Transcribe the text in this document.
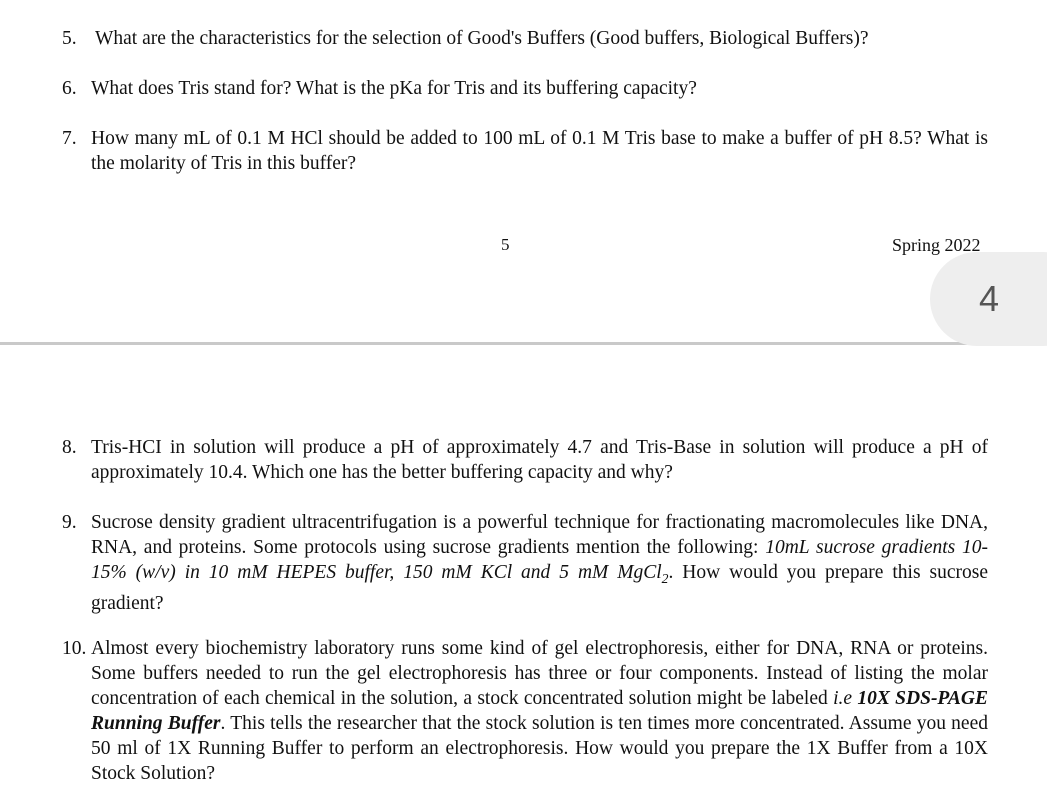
5. What are the characteristics for the selection of Good's Buffers (Good buffers, Biological Buffers)?
6. What does Tris stand for? What is the pKa for Tris and its buffering capacity?
7. How many mL of 0.1 M HCl should be added to 100 mL of 0.1 M Tris base to make a buffer of pH 8.5? What is the molarity of Tris in this buffer?
5	Spring 2022
4
8. Tris-HCI in solution will produce a pH of approximately 4.7 and Tris-Base in solution will produce a pH of approximately 10.4. Which one has the better buffering capacity and why?
9. Sucrose density gradient ultracentrifugation is a powerful technique for fractionating macromolecules like DNA, RNA, and proteins. Some protocols using sucrose gradients mention the following: 10mL sucrose gradients 10-15% (w/v) in 10 mM HEPES buffer, 150 mM KCl and 5 mM MgCl$_2$. How would you prepare this sucrose gradient?
10. Almost every biochemistry laboratory runs some kind of gel electrophoresis, either for DNA, RNA or proteins. Some buffers needed to run the gel electrophoresis has three or four components. Instead of listing the molar concentration of each chemical in the solution, a stock concentrated solution might be labeled i.e 10X SDS-PAGE Running Buffer. This tells the researcher that the stock solution is ten times more concentrated. Assume you need 50 ml of 1X Running Buffer to perform an electrophoresis. How would you prepare the 1X Buffer from a 10X Stock Solution?
